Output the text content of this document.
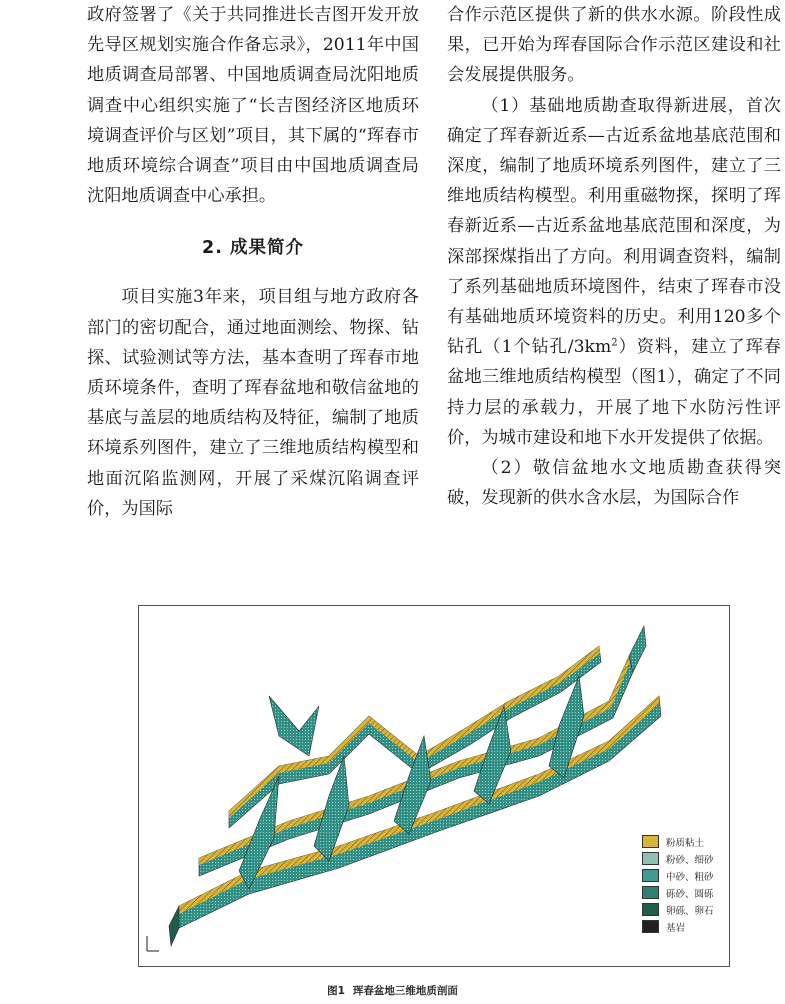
政府签署了《关于共同推进长吉图开发开放先导区规划实施合作备忘录》，2011年中国地质调查局部署、中国地质调查局沈阳地质调查中心组织实施了“长吉图经济区地质环境调查评价与区划”项目，其下属的“珲春市地质环境综合调查”项目由中国地质调查局沈阳地质调查中心承担。

2. 成果简介

项目实施3年来，项目组与地方政府各部门的密切配合，通过地面测绘、物探、钻探、试验测试等方法，基本查明了珲春市地质环境条件，查明了珲春盆地和敬信盆地的基底与盖层的地质结构及特征，编制了地质环境系列图件，建立了三维地质结构模型和地面沉陷监测网，开展了采煤沉陷调查评价，为国际

合作示范区提供了新的供水水源。阶段性成果，已开始为珲春国际合作示范区建设和社会发展提供服务。

（1）基础地质勘查取得新进展，首次确定了珲春新近系—古近系盆地基底范围和深度，编制了地质环境系列图件，建立了三维地质结构模型。利用重磁物探，探明了珲春新近系—古近系盆地基底范围和深度，为深部探煤指出了方向。利用调查资料，编制了系列基础地质环境图件，结束了珲春市没有基础地质环境资料的历史。利用120多个钻孔（1个钻孔$/3km^2$）资料，建立了珲春盆地三维地质结构模型（图1），确定了不同持力层的承载力，开展了地下水防污性评价，为城市建设和地下水开发提供了依据。

（2）敬信盆地水文地质勘查获得突破，发现新的供水含水层，为国际合作

粉质粘土
粉砂、细砂
中砂、粗砂
砾砂、圆砾
卵砾、卵石
基岩
图1 珲春盆地三维地质剖面
